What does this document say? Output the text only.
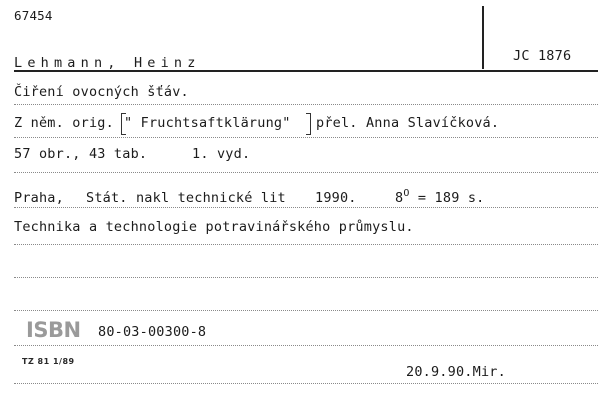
67454
Lehmann, Heinz	JC 1876
Čiření ovocných šťáv.
Z něm. orig. " Fruchtsaftklärung" přel. Anna Slavíčková.
57 obr., 43 tab.	1. vyd.
Praha, Stát. nakl technické lit 1990.	$8^O = 189$ s.
Technika a technologie potravinářského průmyslu.
ISBN 80-03-00300-8
TZ 81 1/89
20.9.90.Mir.
